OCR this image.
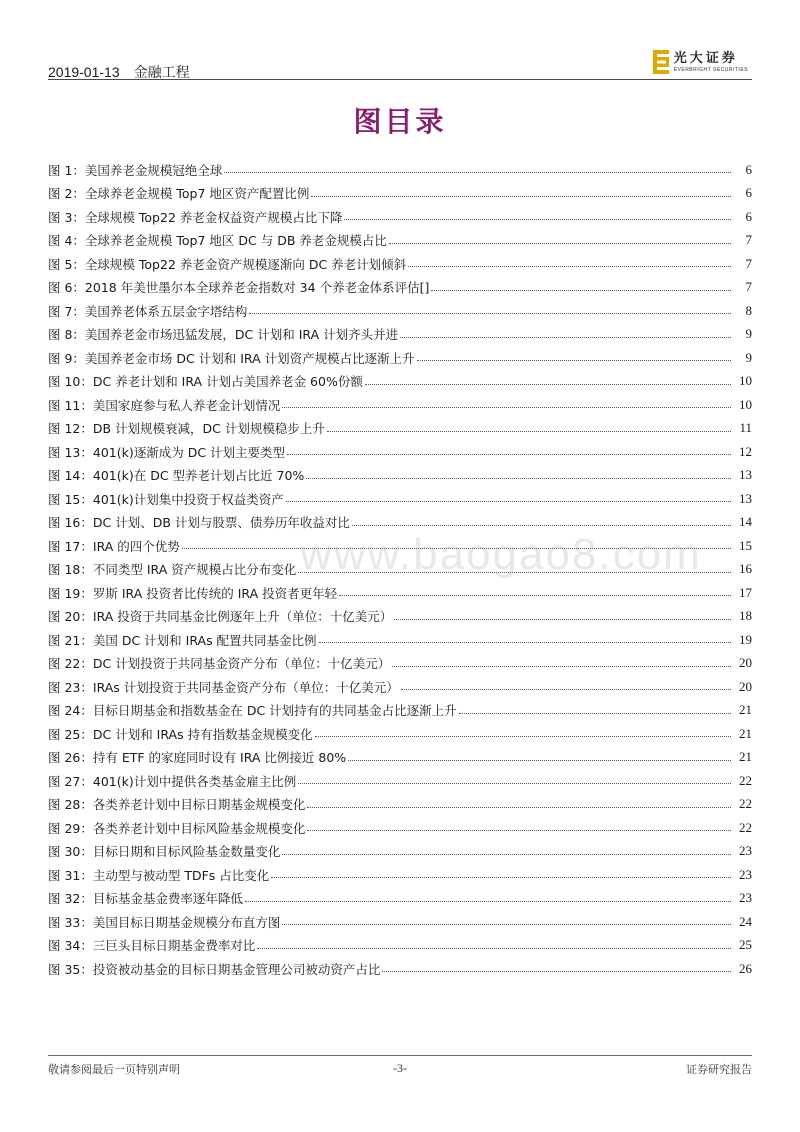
2019-01-13 金融工程
光大证券
EVERBRIGHT SECURITIES
图目录
图 1：美国养老金规模冠绝全球	6
图 2：全球养老金规模 Top7 地区资产配置比例	6
图 3：全球规模 Top22 养老金权益资产规模占比下降	6
图 4：全球养老金规模 Top7 地区 DC 与 DB 养老金规模占比	7
图 5：全球规模 Top22 养老金资产规模逐渐向 DC 养老计划倾斜	7
图 6：2018 年美世墨尔本全球养老金指数对 34 个养老金体系评估[]	7
图 7：美国养老体系五层金字塔结构	8
图 8：美国养老金市场迅猛发展，DC 计划和 IRA 计划齐头并进	9
图 9：美国养老金市场 DC 计划和 IRA 计划资产规模占比逐渐上升	9
图 10：DC 养老计划和 IRA 计划占美国养老金 60%份额	10
图 11：美国家庭参与私人养老金计划情况	10
图 12：DB 计划规模衰减，DC 计划规模稳步上升	11
图 13：401(k)逐渐成为 DC 计划主要类型	12
图 14：401(k)在 DC 型养老计划占比近 70%	13
图 15：401(k)计划集中投资于权益类资产	13
图 16：DC 计划、DB 计划与股票、债券历年收益对比	14
图 17：IRA 的四个优势	15
图 18：不同类型 IRA 资产规模占比分布变化	16
图 19：罗斯 IRA 投资者比传统的 IRA 投资者更年轻	17
图 20：IRA 投资于共同基金比例逐年上升（单位：十亿美元）	18
图 21：美国 DC 计划和 IRAs 配置共同基金比例	19
图 22：DC 计划投资于共同基金资产分布（单位：十亿美元）	20
图 23：IRAs 计划投资于共同基金资产分布（单位：十亿美元）	20
图 24：目标日期基金和指数基金在 DC 计划持有的共同基金占比逐渐上升	21
图 25：DC 计划和 IRAs 持有指数基金规模变化	21
图 26：持有 ETF 的家庭同时设有 IRA 比例接近 80%	21
图 27：401(k)计划中提供各类基金雇主比例	22
图 28：各类养老计划中目标日期基金规模变化	22
图 29：各类养老计划中目标风险基金规模变化	22
图 30：目标日期和目标风险基金数量变化	23
图 31：主动型与被动型 TDFs 占比变化	23
图 32：目标基金基金费率逐年降低	23
图 33：美国目标日期基金规模分布直方图	24
图 34：三巨头目标日期基金费率对比	25
图 35：投资被动基金的目标日期基金管理公司被动资产占比	26
www.baogao8.com
敬请参阅最后一页特别声明	-3-	证券研究报告
